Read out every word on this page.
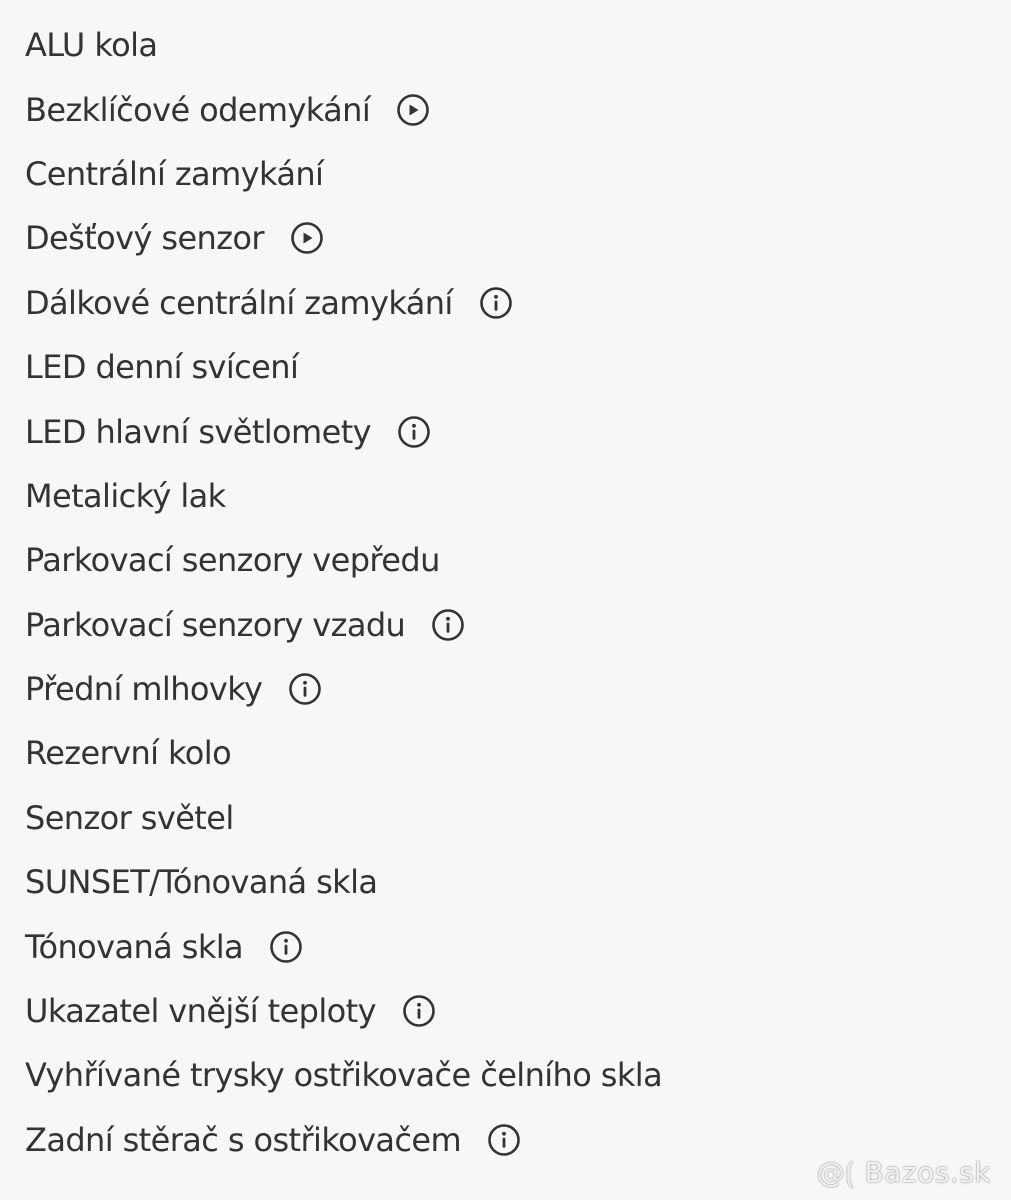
ALU kola
Bezklíčové odemykání
Centrální zamykání
Dešťový senzor
Dálkové centrální zamykání
LED denní svícení
LED hlavní světlomety
Metalický lak
Parkovací senzory vepředu
Parkovací senzory vzadu
Přední mlhovky
Rezervní kolo
Senzor světel
SUNSET/Tónovaná skla
Tónovaná skla
Ukazatel vnější teploty
Vyhřívané trysky ostřikovače čelního skla
Zadní stěrač s ostřikovačem
@⟮ Bazos.sk
